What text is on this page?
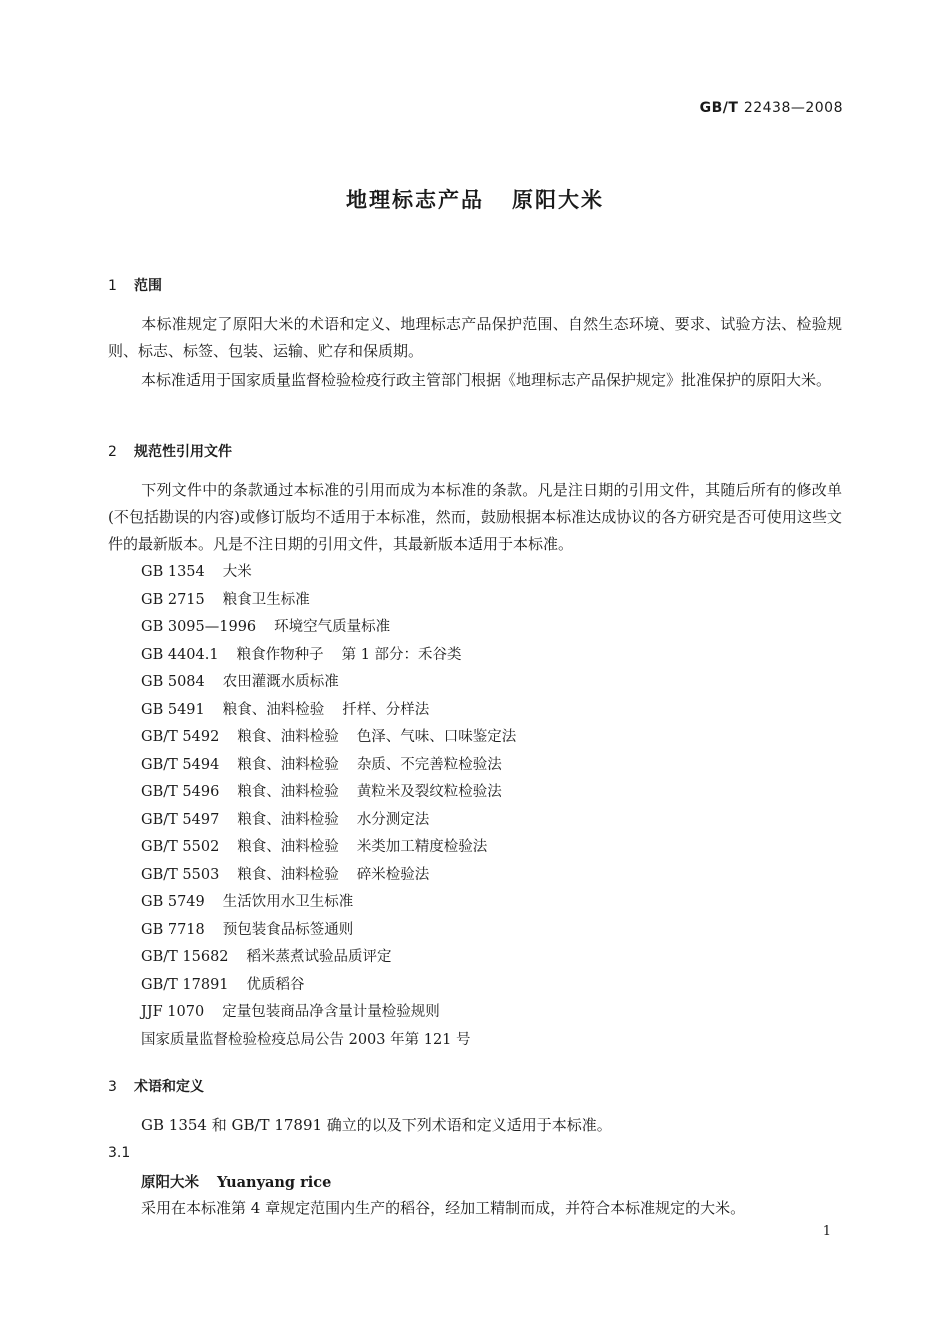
GB/T 22438—2008
地理标志产品 原阳大米
1 范围
本标准规定了原阳大米的术语和定义、地理标志产品保护范围、自然生态环境、要求、试验方法、检验规则、标志、标签、包装、运输、贮存和保质期。
本标准适用于国家质量监督检验检疫行政主管部门根据《地理标志产品保护规定》批准保护的原阳大米。
2 规范性引用文件
下列文件中的条款通过本标准的引用而成为本标准的条款。凡是注日期的引用文件，其随后所有的修改单(不包括勘误的内容)或修订版均不适用于本标准，然而，鼓励根据本标准达成协议的各方研究是否可使用这些文件的最新版本。凡是不注日期的引用文件，其最新版本适用于本标准。
GB 1354 大米
GB 2715 粮食卫生标准
GB 3095—1996 环境空气质量标准
GB 4404.1 粮食作物种子 第 1 部分：禾谷类
GB 5084 农田灌溉水质标准
GB 5491 粮食、油料检验 扦样、分样法
GB/T 5492 粮食、油料检验 色泽、气味、口味鉴定法
GB/T 5494 粮食、油料检验 杂质、不完善粒检验法
GB/T 5496 粮食、油料检验 黄粒米及裂纹粒检验法
GB/T 5497 粮食、油料检验 水分测定法
GB/T 5502 粮食、油料检验 米类加工精度检验法
GB/T 5503 粮食、油料检验 碎米检验法
GB 5749 生活饮用水卫生标准
GB 7718 预包装食品标签通则
GB/T 15682 稻米蒸煮试验品质评定
GB/T 17891 优质稻谷
JJF 1070 定量包装商品净含量计量检验规则
国家质量监督检验检疫总局公告 2003 年第 121 号
3 术语和定义
GB 1354 和 GB/T 17891 确立的以及下列术语和定义适用于本标准。
3.1
原阳大米 Yuanyang rice
采用在本标准第 4 章规定范围内生产的稻谷，经加工精制而成，并符合本标准规定的大米。
1
